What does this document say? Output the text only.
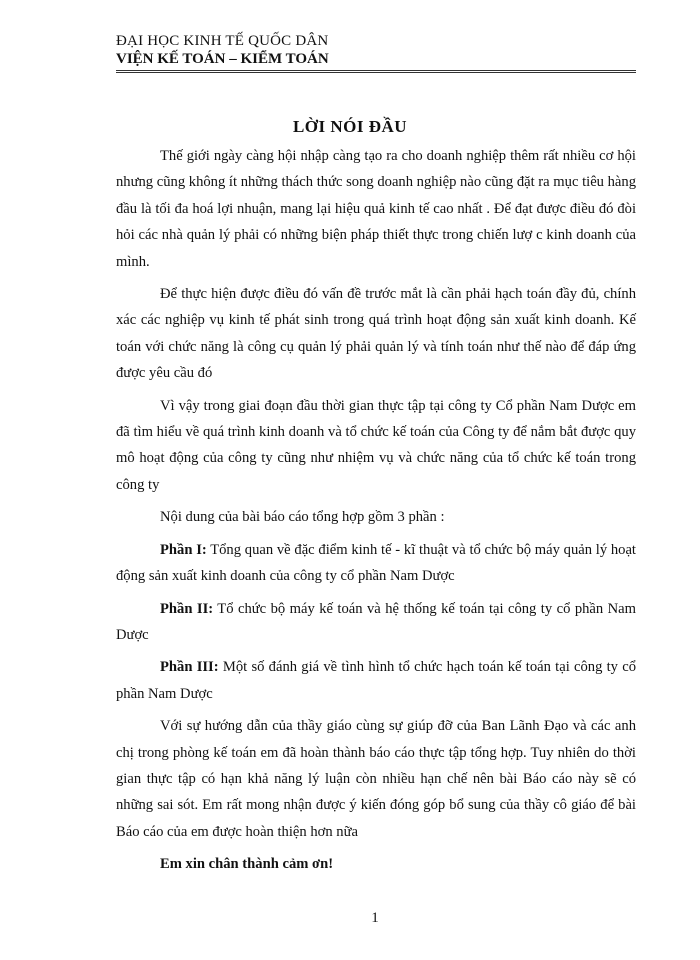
ĐẠI HỌC KINH TẾ QUỐC DÂN
VIỆN KẾ TOÁN – KIỂM TOÁN
LỜI NÓI ĐẦU

Thế giới ngày càng hội nhập càng tạo ra cho doanh nghiệp thêm rất nhiều cơ hội nhưng cũng không ít những thách thức song doanh nghiệp nào cũng đặt ra mục tiêu hàng đầu là tối đa hoá lợi nhuận, mang lại hiệu quả kinh tế cao nhất . Để đạt được điều đó đòi hỏi các nhà quản lý phải có những biện pháp thiết thực trong chiến lượ c kinh doanh của mình.

Để thực hiện được điều đó vấn đề trước mắt là cần phải hạch toán đầy đủ, chính xác các nghiệp vụ kinh tế phát sinh trong quá trình hoạt động sản xuất kinh doanh. Kế toán với chức năng là công cụ quản lý phải quản lý và tính toán như thế nào để đáp ứng được yêu cầu đó

Vì vậy trong giai đoạn đầu thời gian thực tập tại công ty Cổ phần Nam Dược em đã tìm hiểu về quá trình kinh doanh và tổ chức kế toán của Công ty để nắm bắt được quy mô hoạt động của công ty cũng như nhiệm vụ và chức năng của tổ chức kế toán trong công ty

Nội dung của bài báo cáo tổng hợp gồm 3 phần :

Phần I: Tổng quan về đặc điểm kinh tế - kĩ thuật và tổ chức bộ máy quản lý hoạt động sản xuất kinh doanh của công ty cổ phần Nam Dược

Phần II: Tổ chức bộ máy kế toán và hệ thống kế toán tại công ty cổ phần Nam Dược

Phần III: Một số đánh giá về tình hình tổ chức hạch toán kế toán tại công ty cổ phần Nam Dược

Với sự hướng dẫn của thầy giáo cùng sự giúp đỡ của Ban Lãnh Đạo và các anh chị trong phòng kế toán em đã hoàn thành báo cáo thực tập tổng hợp. Tuy nhiên do thời gian thực tập có hạn khả năng lý luận còn nhiều hạn chế nên bài Báo cáo này sẽ có những sai sót. Em rất mong nhận được ý kiến đóng góp bổ sung của thầy cô giáo để bài Báo cáo của em được hoàn thiện hơn nữa

Em xin chân thành cảm ơn!

1
